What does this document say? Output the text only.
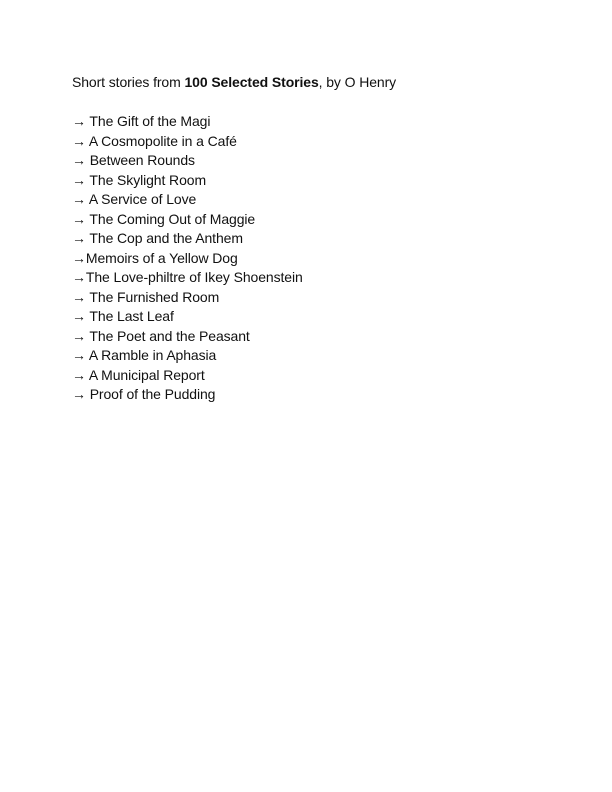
Short stories from 100 Selected Stories, by O Henry

→ The Gift of the Magi
→ A Cosmopolite in a Café
→ Between Rounds
→ The Skylight Room
→ A Service of Love
→ The Coming Out of Maggie
→ The Cop and the Anthem
→Memoirs of a Yellow Dog
→The Love-philtre of Ikey Shoenstein
→ The Furnished Room
→ The Last Leaf
→ The Poet and the Peasant
→ A Ramble in Aphasia
→ A Municipal Report
→ Proof of the Pudding
